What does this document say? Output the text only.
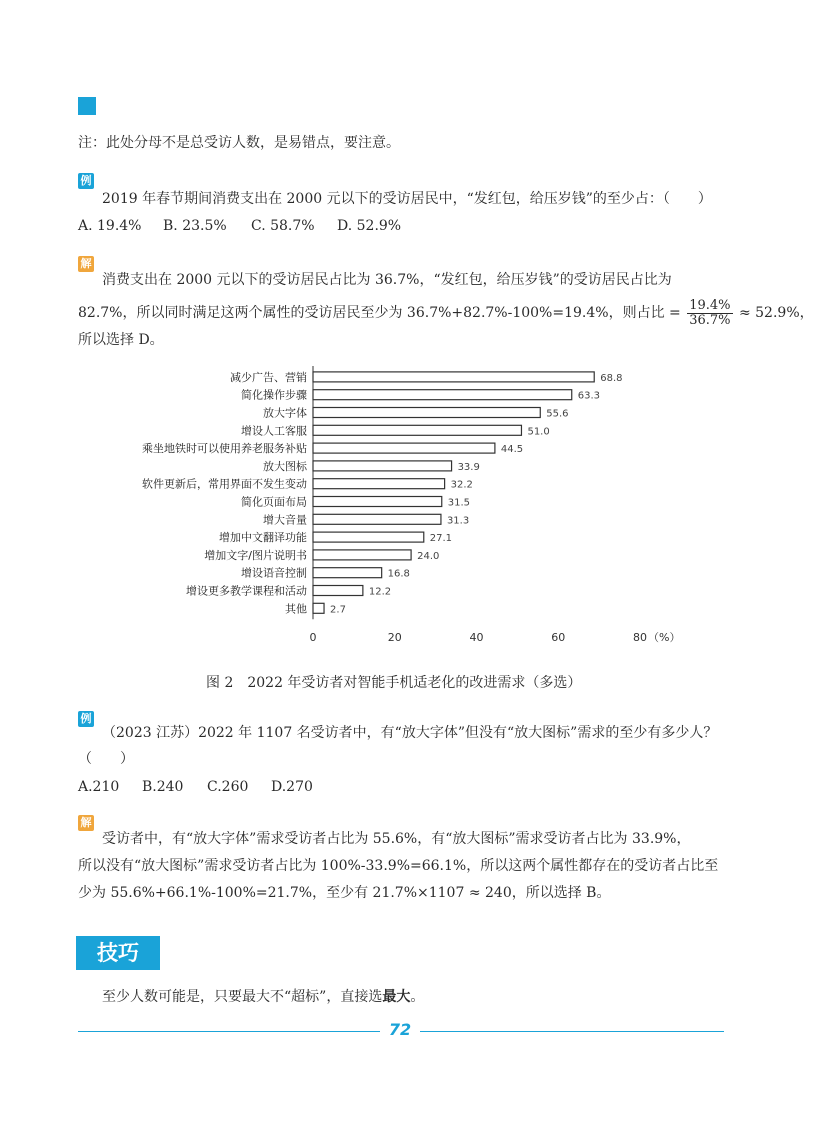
注：此处分母不是总受访人数，是易错点，要注意。
例
2019 年春节期间消费支出在 2000 元以下的受访居民中，“发红包，给压岁钱”的至少占：（　　）
A. 19.4% B. 23.5% C. 58.7% D. 52.9%
解
消费支出在 2000 元以下的受访居民占比为 36.7%，“发红包，给压岁钱”的受访居民占比为
82.7%，所以同时满足这两个属性的受访居民至少为 36.7%+82.7%-100%=19.4%，则占比 = $\frac{19.4\%}{36.7\%} \approx 52.9\%$，
所以选择 D。
减少广告、营销	68.8
简化操作步骤	63.3
放大字体	55.6
增设人工客服	51.0
乘坐地铁时可以使用养老服务补贴	44.5
放大图标	33.9
软件更新后，常用界面不发生变动	32.2
简化页面布局	31.5
增大音量	31.3
增加中文翻译功能	27.1
增加文字/图片说明书	24.0
增设语音控制	16.8
增设更多教学课程和活动	12.2
其他 2.7
0	20	40	60	80 （%）
图 2　2022 年受访者对智能手机适老化的改进需求（多选）
例
（2023 江苏）2022 年 1107 名受访者中，有“放大字体”但没有“放大图标”需求的至少有多少人？
（　　）
A.210 B.240 C.260 D.270
解
受访者中，有“放大字体”需求受访者占比为 55.6%，有“放大图标”需求受访者占比为 33.9%，
所以没有“放大图标”需求受访者占比为 100%-33.9%=66.1%，所以这两个属性都存在的受访者占比至
少为 55.6%+66.1%-100%=21.7%，至少有 21.7%×1107 ≈ 240，所以选择 B。
技巧
至少人数可能是，只要最大不“超标”，直接选最大。
72
